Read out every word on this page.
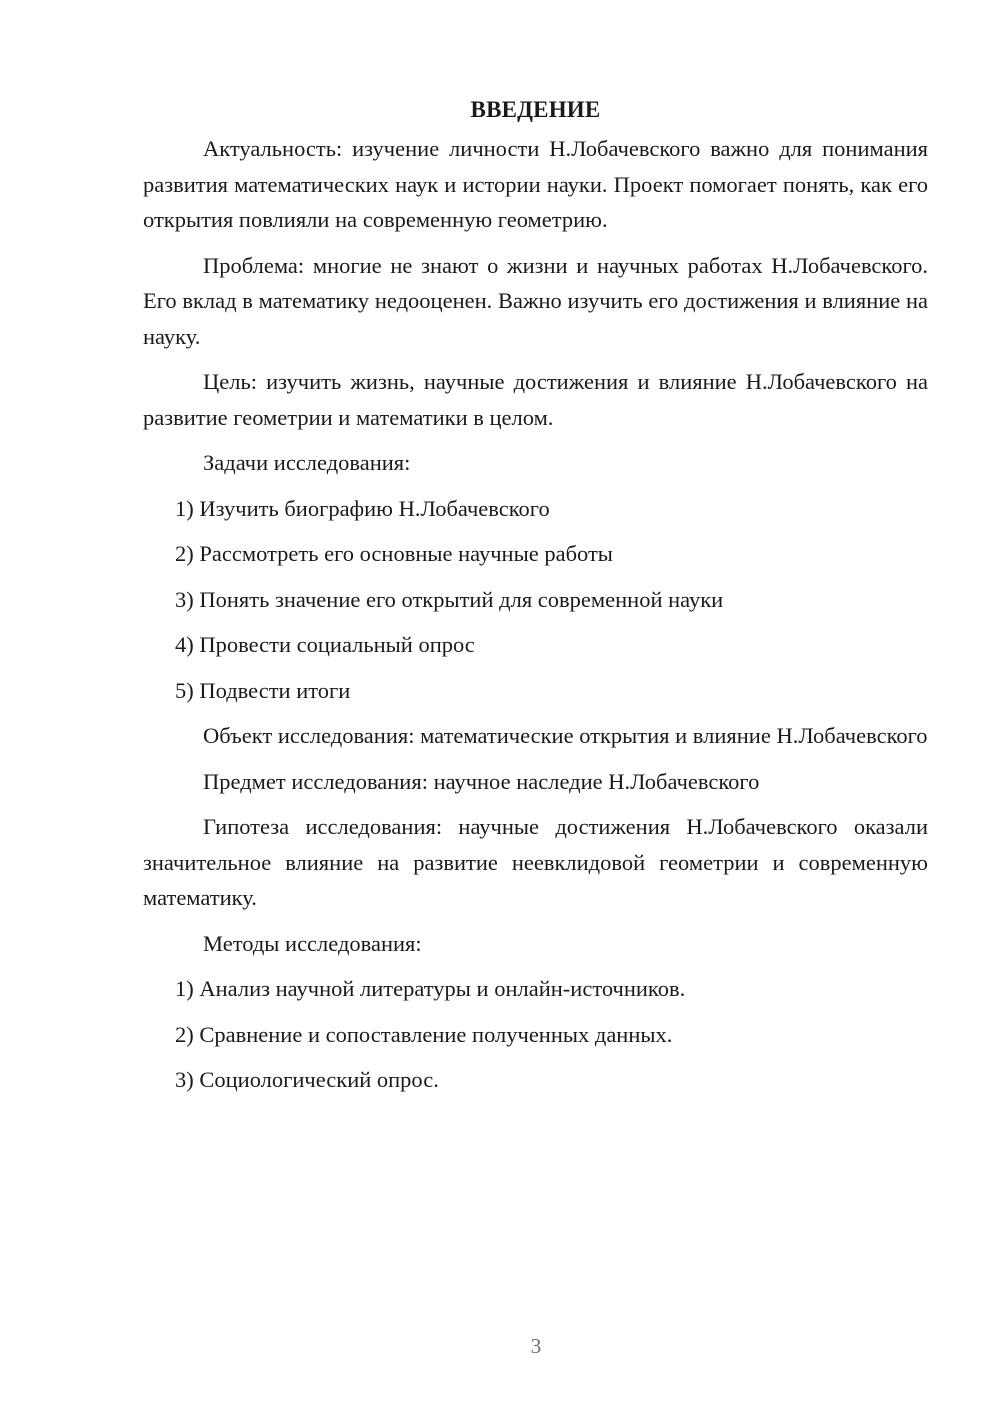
ВВЕДЕНИЕ

Актуальность: изучение личности Н.Лобачевского важно для понимания развития математических наук и истории науки. Проект помогает понять, как его открытия повлияли на современную геометрию.

Проблема: многие не знают о жизни и научных работах Н.Лобачевского. Его вклад в математику недооценен. Важно изучить его достижения и влияние на науку.

Цель: изучить жизнь, научные достижения и влияние Н.Лобачевского на развитие геометрии и математики в целом.

Задачи исследования:

1) Изучить биографию Н.Лобачевского

2) Рассмотреть его основные научные работы

3) Понять значение его открытий для современной науки

4) Провести социальный опрос

5) Подвести итоги

Объект исследования: математические открытия и влияние Н.Лобачевского

Предмет исследования: научное наследие Н.Лобачевского

Гипотеза исследования: научные достижения Н.Лобачевского оказали значительное влияние на развитие неевклидовой геометрии и современную математику.

Методы исследования:

1) Анализ научной литературы и онлайн-источников.

2) Сравнение и сопоставление полученных данных.

3) Социологический опрос.

3
